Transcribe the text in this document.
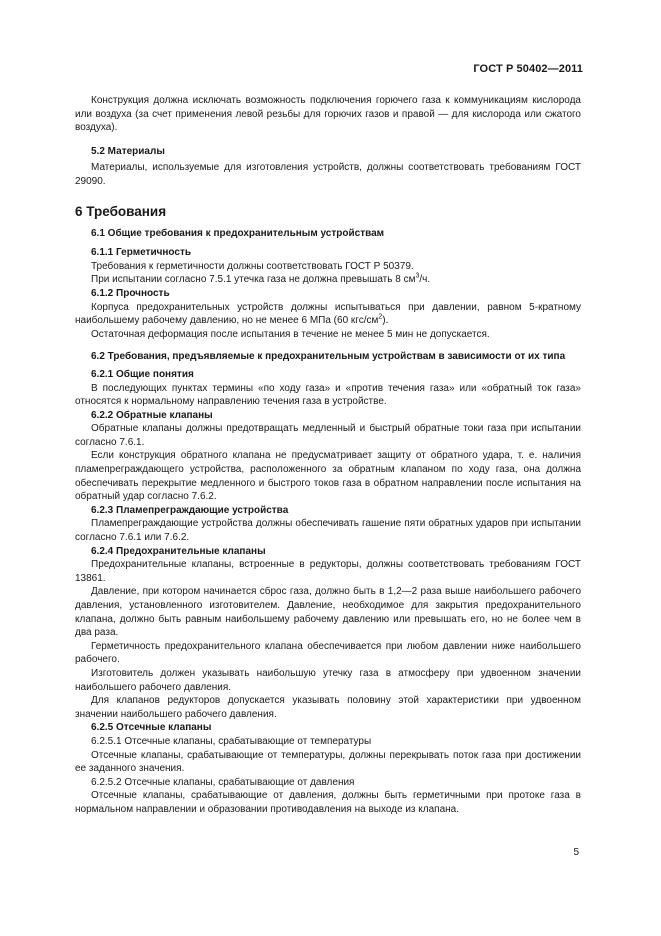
ГОСТ Р 50402—2011

Конструкция должна исключать возможность подключения горючего газа к коммуникациям кислорода или воздуха (за счет применения левой резьбы для горючих газов и правой — для кислорода или сжатого воздуха).

5.2 Материалы

Материалы, используемые для изготовления устройств, должны соответствовать требованиям ГОСТ 29090.

6 Требования

6.1 Общие требования к предохранительным устройствам

6.1.1 Герметичность

Требования к герметичности должны соответствовать ГОСТ Р 50379.

При испытании согласно 7.5.1 утечка газа не должна превышать 8 $см^3/ч$.

6.1.2 Прочность

Корпуса предохранительных устройств должны испытываться при давлении, равном 5-кратному наибольшему рабочему давлению, но не менее 6 МПа (60 кгс/$см^2$).

Остаточная деформация после испытания в течение не менее 5 мин не допускается.

6.2 Требования, предъявляемые к предохранительным устройствам в зависимости от их типа

6.2.1 Общие понятия

В последующих пунктах термины «по ходу газа» и «против течения газа» или «обратный ток газа» относятся к нормальному направлению течения газа в устройстве.

6.2.2 Обратные клапаны

Обратные клапаны должны предотвращать медленный и быстрый обратные токи газа при испытании согласно 7.6.1.

Если конструкция обратного клапана не предусматривает защиту от обратного удара, т. е. наличия пламепреграждающего устройства, расположенного за обратным клапаном по ходу газа, она должна обеспечивать перекрытие медленного и быстрого токов газа в обратном направлении после испытания на обратный удар согласно 7.6.2.

6.2.3 Пламепреграждающие устройства

Пламепреграждающие устройства должны обеспечивать гашение пяти обратных ударов при испытании согласно 7.6.1 или 7.6.2.

6.2.4 Предохранительные клапаны

Предохранительные клапаны, встроенные в редукторы, должны соответствовать требованиям ГОСТ 13861.

Давление, при котором начинается сброс газа, должно быть в 1,2—2 раза выше наибольшего рабочего давления, установленного изготовителем. Давление, необходимое для закрытия предохранительного клапана, должно быть равным наибольшему рабочему давлению или превышать его, но не более чем в два раза.

Герметичность предохранительного клапана обеспечивается при любом давлении ниже наибольшего рабочего.

Изготовитель должен указывать наибольшую утечку газа в атмосферу при удвоенном значении наибольшего рабочего давления.

Для клапанов редукторов допускается указывать половину этой характеристики при удвоенном значении наибольшего рабочего давления.

6.2.5 Отсечные клапаны

6.2.5.1 Отсечные клапаны, срабатывающие от температуры

Отсечные клапаны, срабатывающие от температуры, должны перекрывать поток газа при достижении ее заданного значения.

6.2.5.2 Отсечные клапаны, срабатывающие от давления

Отсечные клапаны, срабатывающие от давления, должны быть герметичными при протоке газа в нормальном направлении и образовании противодавления на выходе из клапана.

5
